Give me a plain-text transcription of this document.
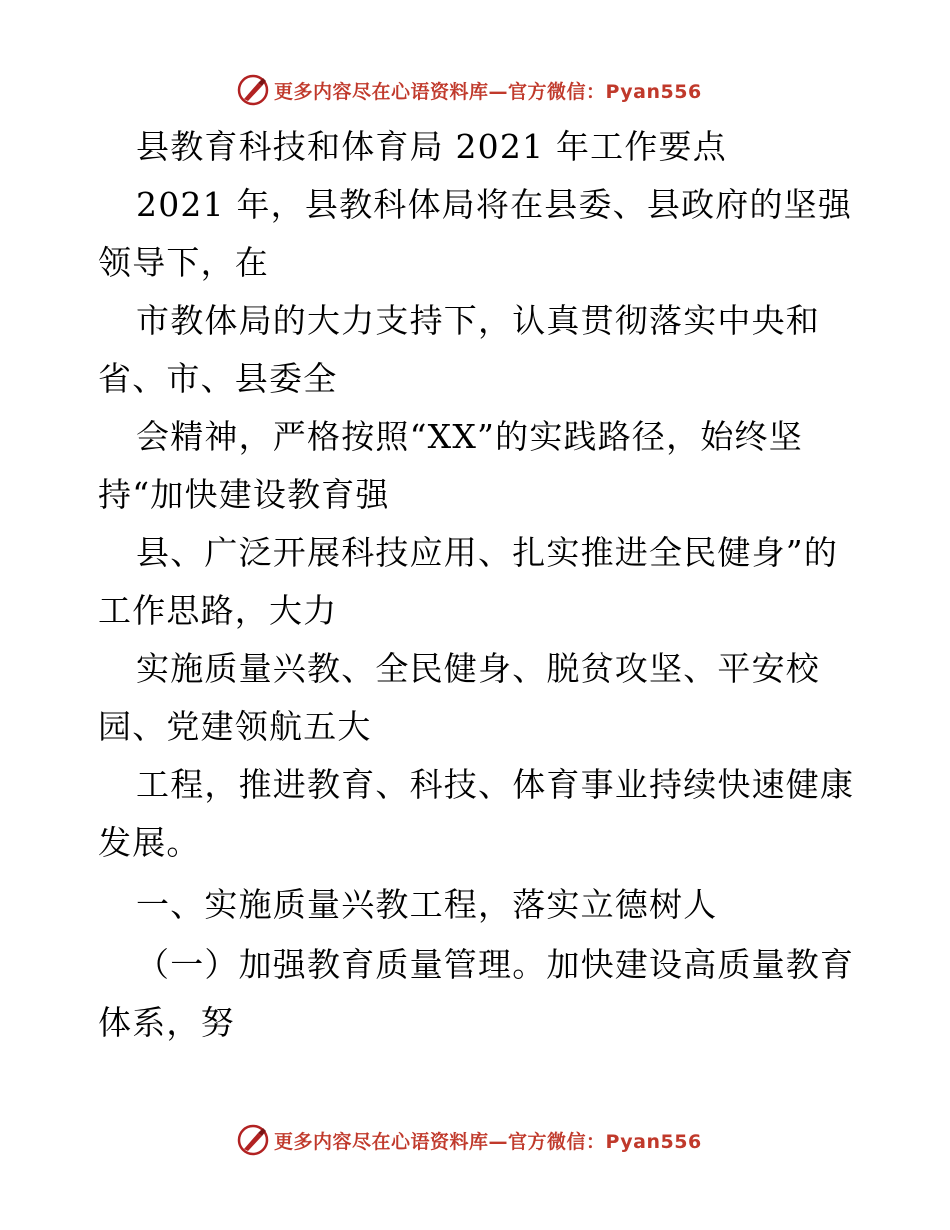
更多内容尽在心语资料库—官方微信：Pyan556
县教育科技和体育局 2021 年工作要点
2021 年，县教科体局将在县委、县政府的坚强
领导下，在
市教体局的大力支持下，认真贯彻落实中央和
省、市、县委全
会精神，严格按照“XX”的实践路径，始终坚
持“加快建设教育强
县、广泛开展科技应用、扎实推进全民健身”的
工作思路，大力
实施质量兴教、全民健身、脱贫攻坚、平安校
园、党建领航五大
工程，推进教育、科技、体育事业持续快速健康
发展。
一、实施质量兴教工程，落实立德树人
（一）加强教育质量管理。加快建设高质量教育
体系，努
更多内容尽在心语资料库—官方微信：Pyan556
